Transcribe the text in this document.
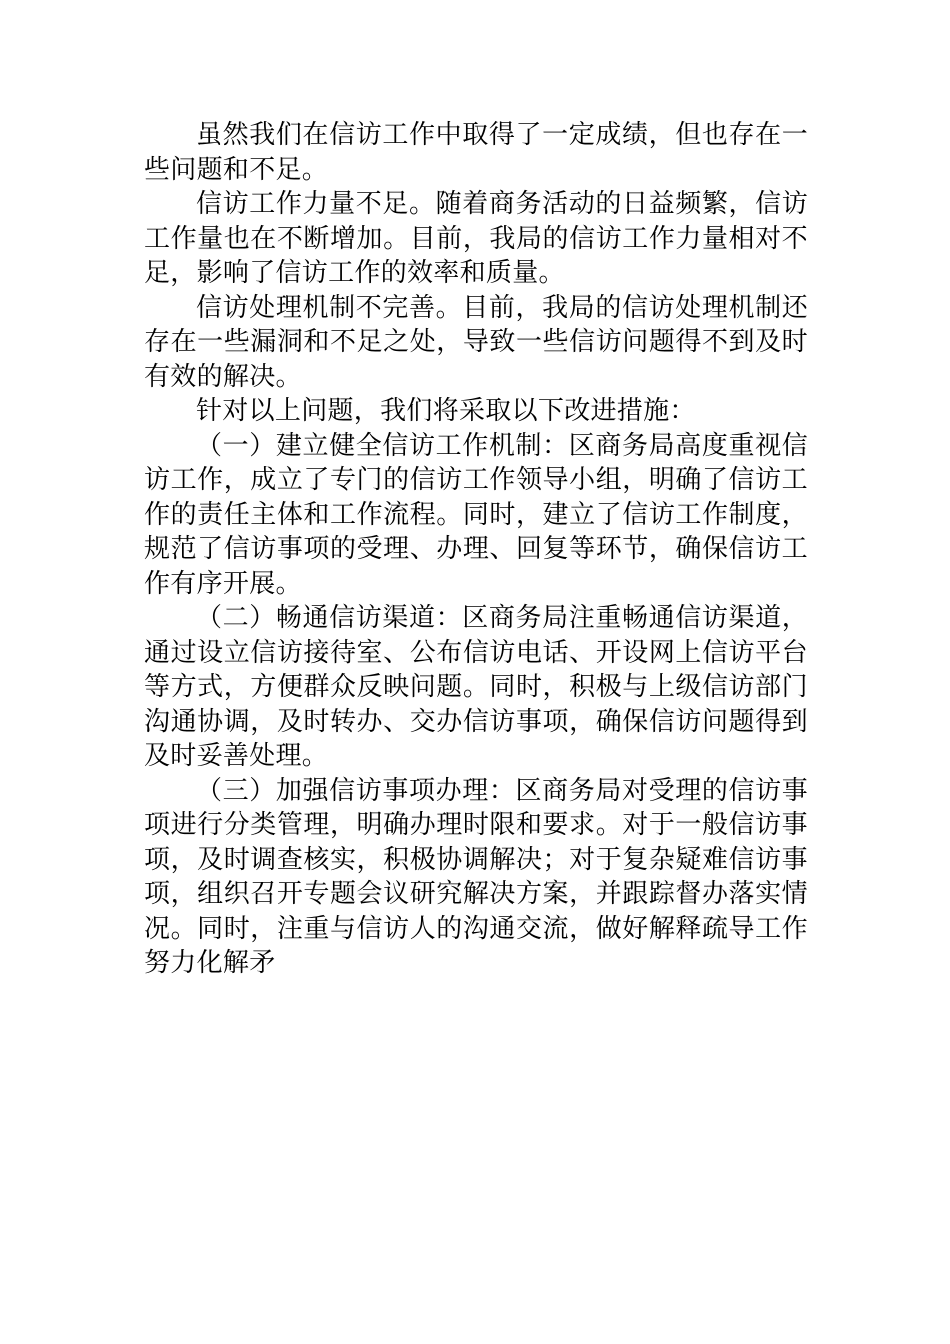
虽然我们在信访工作中取得了一定成绩，但也存在一些问题和不足。

信访工作力量不足。随着商务活动的日益频繁，信访工作量也在不断增加。目前，我局的信访工作力量相对不足，影响了信访工作的效率和质量。

信访处理机制不完善。目前，我局的信访处理机制还存在一些漏洞和不足之处，导致一些信访问题得不到及时有效的解决。

针对以上问题，我们将采取以下改进措施：

（一）建立健全信访工作机制：区商务局高度重视信访工作，成立了专门的信访工作领导小组，明确了信访工作的责任主体和工作流程。同时，建立了信访工作制度，规范了信访事项的受理、办理、回复等环节，确保信访工作有序开展。

（二）畅通信访渠道：区商务局注重畅通信访渠道，通过设立信访接待室、公布信访电话、开设网上信访平台等方式，方便群众反映问题。同时，积极与上级信访部门沟通协调，及时转办、交办信访事项，确保信访问题得到及时妥善处理。

（三）加强信访事项办理：区商务局对受理的信访事项进行分类管理，明确办理时限和要求。对于一般信访事项，及时调查核实，积极协调解决；对于复杂疑难信访事项，组织召开专题会议研究解决方案，并跟踪督办落实情况。同时，注重与信访人的沟通交流，做好解释疏导工作努力化解矛
